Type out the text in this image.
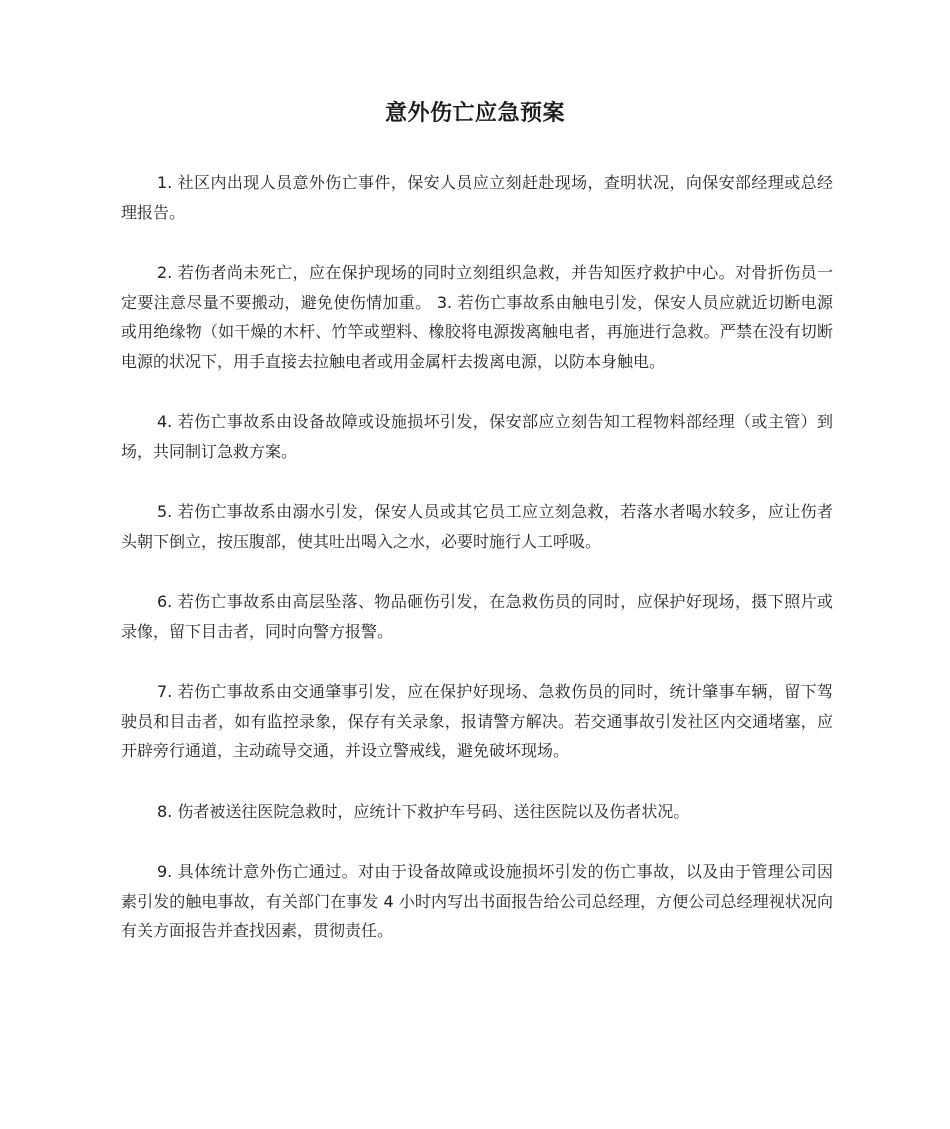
意外伤亡应急预案

1. 社区内出现人员意外伤亡事件，保安人员应立刻赶赴现场，查明状况，向保安部经理或总经理报告。

2. 若伤者尚未死亡，应在保护现场的同时立刻组织急救，并告知医疗救护中心。对骨折伤员一定要注意尽量不要搬动，避免使伤情加重。 3. 若伤亡事故系由触电引发，保安人员应就近切断电源或用绝缘物（如干燥的木杆、竹竿或塑料、橡胶将电源拨离触电者，再施进行急救。严禁在没有切断电源的状况下，用手直接去拉触电者或用金属杆去拨离电源，以防本身触电。

4. 若伤亡事故系由设备故障或设施损坏引发，保安部应立刻告知工程物料部经理（或主管）到场，共同制订急救方案。

5. 若伤亡事故系由溺水引发，保安人员或其它员工应立刻急救，若落水者喝水较多，应让伤者头朝下倒立，按压腹部，使其吐出喝入之水，必要时施行人工呼吸。

6. 若伤亡事故系由高层坠落、物品砸伤引发，在急救伤员的同时，应保护好现场，摄下照片或录像，留下目击者，同时向警方报警。

7. 若伤亡事故系由交通肇事引发，应在保护好现场、急救伤员的同时，统计肇事车辆，留下驾驶员和目击者，如有监控录象，保存有关录象，报请警方解决。若交通事故引发社区内交通堵塞，应开辟旁行通道，主动疏导交通，并设立警戒线，避免破坏现场。

8. 伤者被送往医院急救时，应统计下救护车号码、送往医院以及伤者状况。

9. 具体统计意外伤亡通过。对由于设备故障或设施损坏引发的伤亡事故，以及由于管理公司因素引发的触电事故，有关部门在事发 4 小时内写出书面报告给公司总经理，方便公司总经理视状况向有关方面报告并查找因素，贯彻责任。
